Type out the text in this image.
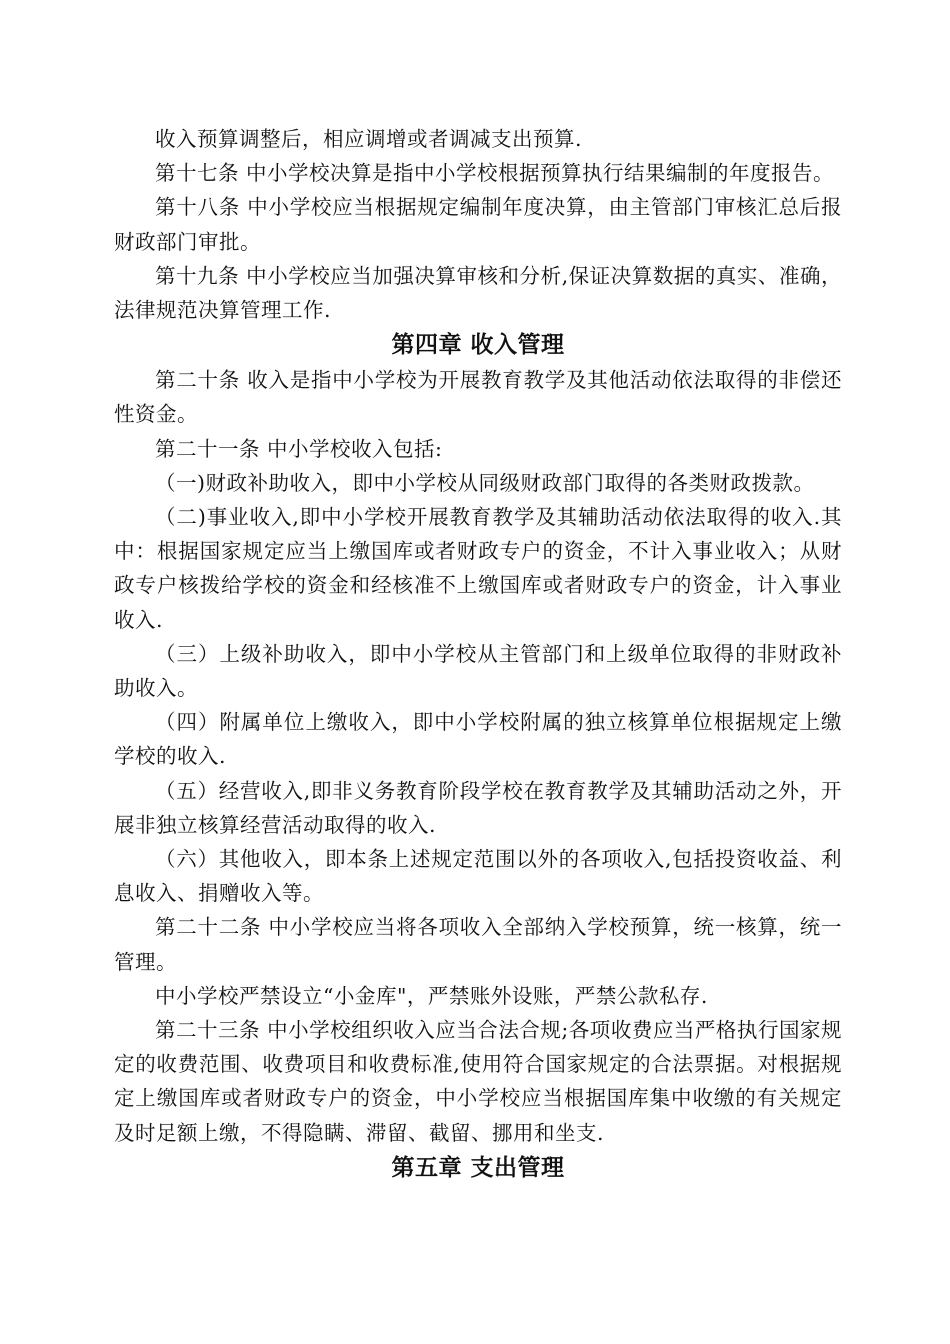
收入预算调整后，相应调增或者调减支出预算.

第十七条 中小学校决算是指中小学校根据预算执行结果编制的年度报告。

第十八条 中小学校应当根据规定编制年度决算，由主管部门审核汇总后报财政部门审批。

第十九条 中小学校应当加强决算审核和分析,保证决算数据的真实、准确，法律规范决算管理工作.

第四章 收入管理

第二十条 收入是指中小学校为开展教育教学及其他活动依法取得的非偿还性资金。

第二十一条 中小学校收入包括:

（一)财政补助收入，即中小学校从同级财政部门取得的各类财政拨款。

（二)事业收入,即中小学校开展教育教学及其辅助活动依法取得的收入.其中：根据国家规定应当上缴国库或者财政专户的资金，不计入事业收入；从财政专户核拨给学校的资金和经核准不上缴国库或者财政专户的资金，计入事业收入.

（三）上级补助收入，即中小学校从主管部门和上级单位取得的非财政补助收入。

（四）附属单位上缴收入，即中小学校附属的独立核算单位根据规定上缴学校的收入.

（五）经营收入,即非义务教育阶段学校在教育教学及其辅助活动之外，开展非独立核算经营活动取得的收入.

（六）其他收入，即本条上述规定范围以外的各项收入,包括投资收益、利息收入、捐赠收入等。

第二十二条 中小学校应当将各项收入全部纳入学校预算，统一核算，统一管理。

中小学校严禁设立“小金库"，严禁账外设账，严禁公款私存.

第二十三条 中小学校组织收入应当合法合规;各项收费应当严格执行国家规定的收费范围、收费项目和收费标准,使用符合国家规定的合法票据。对根据规定上缴国库或者财政专户的资金，中小学校应当根据国库集中收缴的有关规定及时足额上缴，不得隐瞒、滞留、截留、挪用和坐支.

第五章 支出管理
